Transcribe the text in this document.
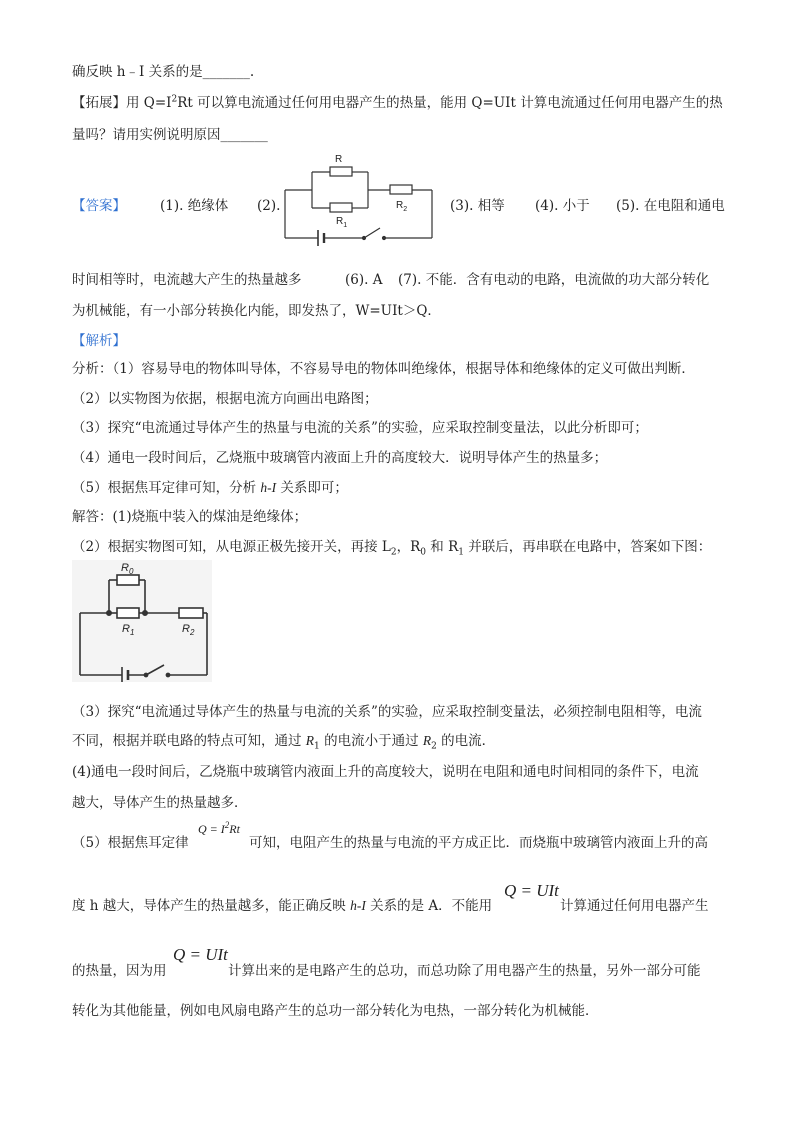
确反映 h﹣I 关系的是_______.
【拓展】用 $Q=I^2Rt$ 可以算电流通过任何用电器产生的热量，能用 Q=UIt 计算电流通过任何用电器产生的热
量吗？请用实例说明原因_______
【答案】	(1). 绝缘体 (2).	(3). 相等 (4). 小于 (5). 在电阻和通电
R
$R_1$
$R_2$
时间相等时，电流越大产生的热量越多	(6). A (7). 不能．含有电动的电路，电流做的功大部分转化
为机械能，有一小部分转换化内能，即发热了，W=UIt＞Q．
【解析】
分析：（1）容易导电的物体叫导体，不容易导电的物体叫绝缘体，根据导体和绝缘体的定义可做出判断．
（2）以实物图为依据，根据电流方向画出电路图；
（3）探究“电流通过导体产生的热量与电流的关系”的实验，应采取控制变量法，以此分析即可；
（4）通电一段时间后，乙烧瓶中玻璃管内液面上升的高度较大．说明导体产生的热量多；
（5）根据焦耳定律可知，分析 h-I 关系即可；
解答：(1)烧瓶中装入的煤油是绝缘体；
（2）根据实物图可知，从电源正极先接开关，再接 $L_2$，$R_0$ 和 $R_1$ 并联后，再串联在电路中，答案如下图：
$R_0$
$R_1$	$R_2$
（3）探究“电流通过导体产生的热量与电流的关系”的实验，应采取控制变量法，必须控制电阻相等，电流
不同，根据并联电路的特点可知，通过 $R_1$ 的电流小于通过 $R_2$ 的电流．
(4)通电一段时间后，乙烧瓶中玻璃管内液面上升的高度较大，说明在电阻和通电时间相同的条件下，电流
越大，导体产生的热量越多．
（5）根据焦耳定律
$Q = I^2Rt$
可知，电阻产生的热量与电流的平方成正比．而烧瓶中玻璃管内液面上升的高
度 h 越大，导体产生的热量越多，能正确反映 h-I 关系的是 A．不能用
Q = UIt
计算通过任何用电器产生
的热量，因为用
Q = UIt
计算出来的是电路产生的总功，而总功除了用电器产生的热量，另外一部分可能
转化为其他能量，例如电风扇电路产生的总功一部分转化为电热，一部分转化为机械能．
